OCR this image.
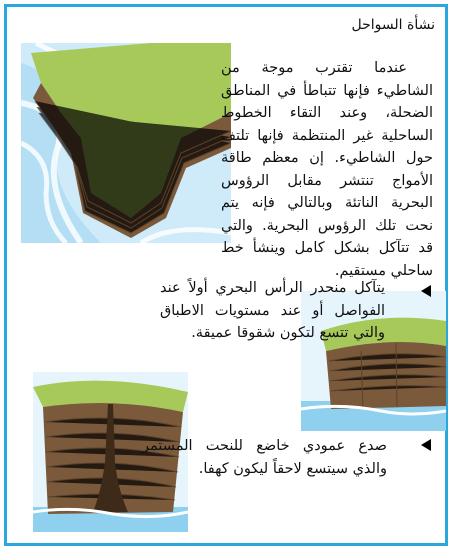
نشأة السواحل

عندما تقترب موجة من الشاطيء فإنها تتباطأ في المناطق الضحلة، وعند التقاء الخطوط الساحلية غير المنتظمة فإنها تلتف حول الشاطيء. إن معظم طاقة الأمواج تنتشر مقابل الرؤوس البحرية الناتئة وبالتالي فإنه يتم نحت تلك الرؤوس البحرية. والتي قد تتآكل بشكل كامل وينشأ خط ساحلي مستقيم.

يتآكل منحدر الرأس البحري أولاً عند الفواصل أو عند مستويات الاطباق والتي تتسع لتكون شقوقا عميقة.

صدع عمودي خاضع للنحت المستمر والذي سيتسع لاحقاً ليكون كهفا.
